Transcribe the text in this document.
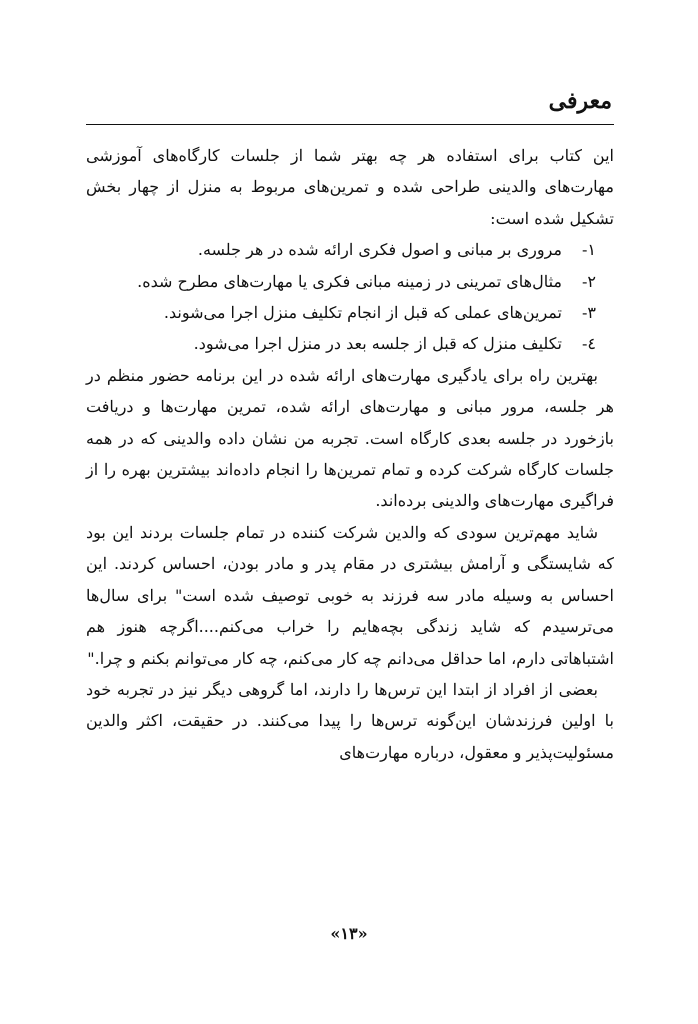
معرفی

این کتاب برای استفاده هر چه بهتر شما از جلسات کارگاه‌های آموزشی مهارت‌های والدینی طراحی شده و تمرین‌های مربوط به منزل از چهار بخش تشکیل شده است:

۱-مروری بر مبانی و اصول فکری ارائه شده در هر جلسه.
۲-مثال‌های تمرینی در زمینه مبانی فکری یا مهارت‌های مطرح شده.
۳-تمرین‌های عملی که قبل از انجام تکلیف منزل اجرا می‌شوند.
٤-تکلیف منزل که قبل از جلسه بعد در منزل اجرا می‌شود.

بهترین راه برای یادگیری مهارت‌های ارائه شده در این برنامه حضور منظم در هر جلسه، مرور مبانی و مهارت‌های ارائه شده، تمرین مهارت‌ها و دریافت بازخورد در جلسه بعدی کارگاه است. تجربه من نشان داده والدینی که در همه جلسات کارگاه شرکت کرده و تمام تمرین‌ها را انجام داده‌اند بیشترین بهره را از فراگیری مهارت‌های والدینی برده‌اند.

شاید مهم‌ترین سودی که والدین شرکت کننده در تمام جلسات بردند این بود که شایستگی و آرامش بیشتری در مقام پدر و مادر بودن، احساس کردند. این احساس به وسیله مادر سه فرزند به خوبی توصیف شده است" برای سال‌ها می‌ترسیدم که شاید زندگی بچه‌هایم را خراب می‌کنم....اگرچه هنوز هم اشتباهاتی دارم، اما حداقل می‌دانم چه کار می‌کنم، چه کار می‌توانم بکنم و چرا."

بعضی از افراد از ابتدا این ترس‌ها را دارند، اما گروهی دیگر نیز در تجربه خود با اولین فرزندشان این‌گونه ترس‌ها را پیدا می‌کنند. در حقیقت، اکثر والدین مسئولیت‌پذیر و معقول، درباره مهارت‌های

«۱۳»
